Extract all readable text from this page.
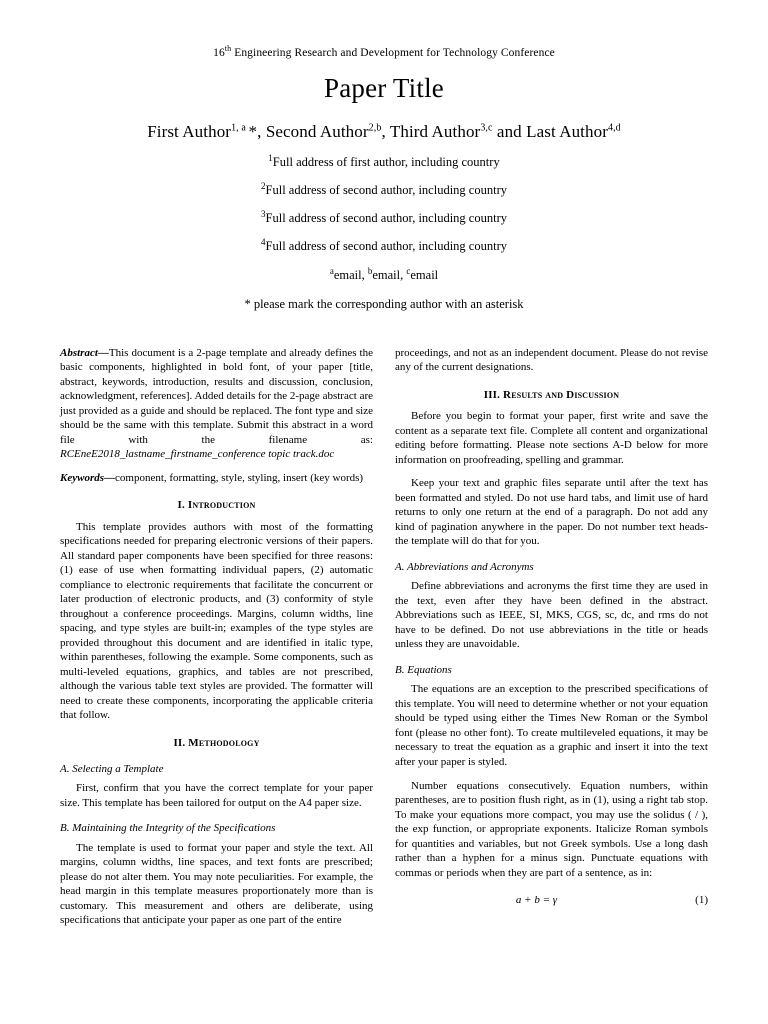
16th Engineering Research and Development for Technology Conference
Paper Title
First Author$^{1, a}$ *, Second Author$^{2,b}$, Third Author$^{3,c}$ and Last Author$^{4,d}$
$^1$Full address of first author, including country
$^2$Full address of second author, including country
$^3$Full address of second author, including country
$^4$Full address of second author, including country
$^a$email, $^b$email, $^c$email
* please mark the corresponding author with an asterisk

Abstract—This document is a 2-page template and already defines the basic components, highlighted in bold font, of your paper [title, abstract, keywords, introduction, results and discussion, conclusion, acknowledgment, references]. Added details for the 2-page abstract are just provided as a guide and should be replaced. The font type and size should be the same with this template. Submit this abstract in a word file with the filename as: RCEneE2018_lastname_firstname_conference topic track.doc

Keywords—component, formatting, style, styling, insert (key words)

I. Introduction

This template provides authors with most of the formatting specifications needed for preparing electronic versions of their papers. All standard paper components have been specified for three reasons: (1) ease of use when formatting individual papers, (2) automatic compliance to electronic requirements that facilitate the concurrent or later production of electronic products, and (3) conformity of style throughout a conference proceedings. Margins, column widths, line spacing, and type styles are built-in; examples of the type styles are provided throughout this document and are identified in italic type, within parentheses, following the example. Some components, such as multi-leveled equations, graphics, and tables are not prescribed, although the various table text styles are provided. The formatter will need to create these components, incorporating the applicable criteria that follow.

II. Methodology
A. Selecting a Template

First, confirm that you have the correct template for your paper size. This template has been tailored for output on the A4 paper size.

B. Maintaining the Integrity of the Specifications

The template is used to format your paper and style the text. All margins, column widths, line spaces, and text fonts are prescribed; please do not alter them. You may note peculiarities. For example, the head margin in this template measures proportionately more than is customary. This measurement and others are deliberate, using specifications that anticipate your paper as one part of the entire

proceedings, and not as an independent document. Please do not revise any of the current designations.

III. Results and Discussion

Before you begin to format your paper, first write and save the content as a separate text file. Complete all content and organizational editing before formatting. Please note sections A-D below for more information on proofreading, spelling and grammar.

Keep your text and graphic files separate until after the text has been formatted and styled. Do not use hard tabs, and limit use of hard returns to only one return at the end of a paragraph. Do not add any kind of pagination anywhere in the paper. Do not number text heads-the template will do that for you.

A. Abbreviations and Acronyms

Define abbreviations and acronyms the first time they are used in the text, even after they have been defined in the abstract. Abbreviations such as IEEE, SI, MKS, CGS, sc, dc, and rms do not have to be defined. Do not use abbreviations in the title or heads unless they are unavoidable.

B. Equations

The equations are an exception to the prescribed specifications of this template. You will need to determine whether or not your equation should be typed using either the Times New Roman or the Symbol font (please no other font). To create multileveled equations, it may be necessary to treat the equation as a graphic and insert it into the text after your paper is styled.

Number equations consecutively. Equation numbers, within parentheses, are to position flush right, as in (1), using a right tab stop. To make your equations more compact, you may use the solidus ( / ), the exp function, or appropriate exponents. Italicize Roman symbols for quantities and variables, but not Greek symbols. Use a long dash rather than a hyphen for a minus sign. Punctuate equations with commas or periods when they are part of a sentence, as in:

a + b = γ	(1)
